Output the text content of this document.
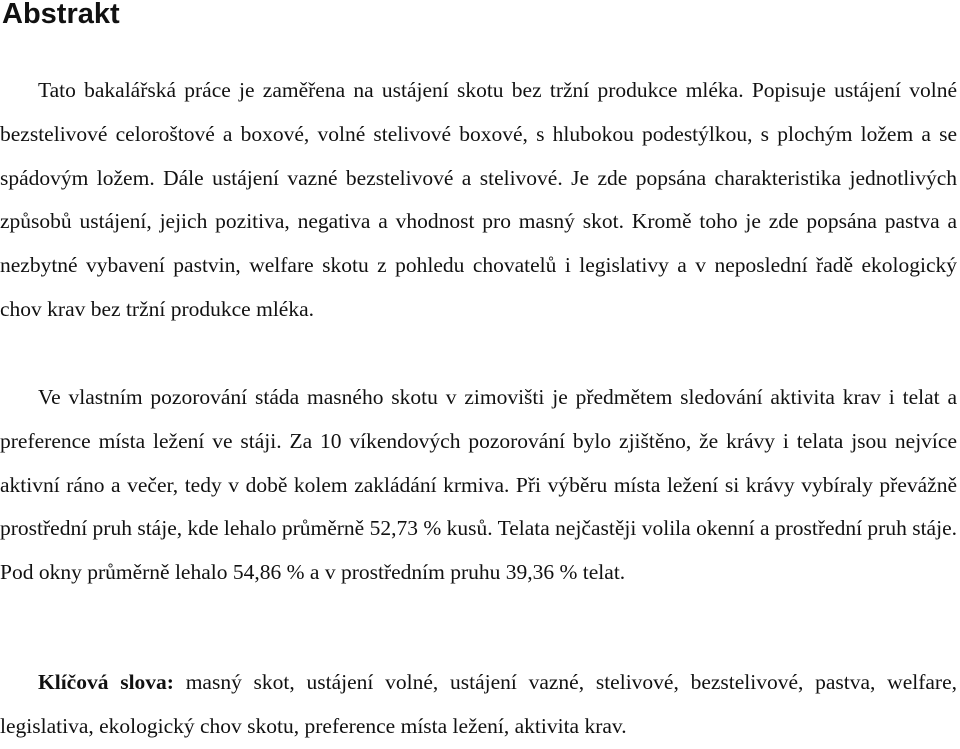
Abstrakt

Tato bakalářská práce je zaměřena na ustájení skotu bez tržní produkce mléka. Popisuje ustájení volné bezstelivové celoroštové a boxové, volné stelivové boxové, s hlubokou podestýlkou, s plochým ložem a se spádovým ložem. Dále ustájení vazné bezstelivové a stelivové. Je zde popsána charakteristika jednotlivých způsobů ustájení, jejich pozitiva, negativa a vhodnost pro masný skot. Kromě toho je zde popsána pastva a nezbytné vybavení pastvin, welfare skotu z pohledu chovatelů i legislativy a v neposlední řadě ekologický chov krav bez tržní produkce mléka.

Ve vlastním pozorování stáda masného skotu v zimovišti je předmětem sledování aktivita krav i telat a preference místa ležení ve stáji. Za 10 víkendových pozorování bylo zjištěno, že krávy i telata jsou nejvíce aktivní ráno a večer, tedy v době kolem zakládání krmiva. Při výběru místa ležení si krávy vybíraly převážně prostřední pruh stáje, kde lehalo průměrně 52,73 % kusů. Telata nejčastěji volila okenní a prostřední pruh stáje. Pod okny průměrně lehalo 54,86 % a v prostředním pruhu 39,36 % telat.

Klíčová slova: masný skot, ustájení volné, ustájení vazné, stelivové, bezstelivové, pastva, welfare, legislativa, ekologický chov skotu, preference místa ležení, aktivita krav.
